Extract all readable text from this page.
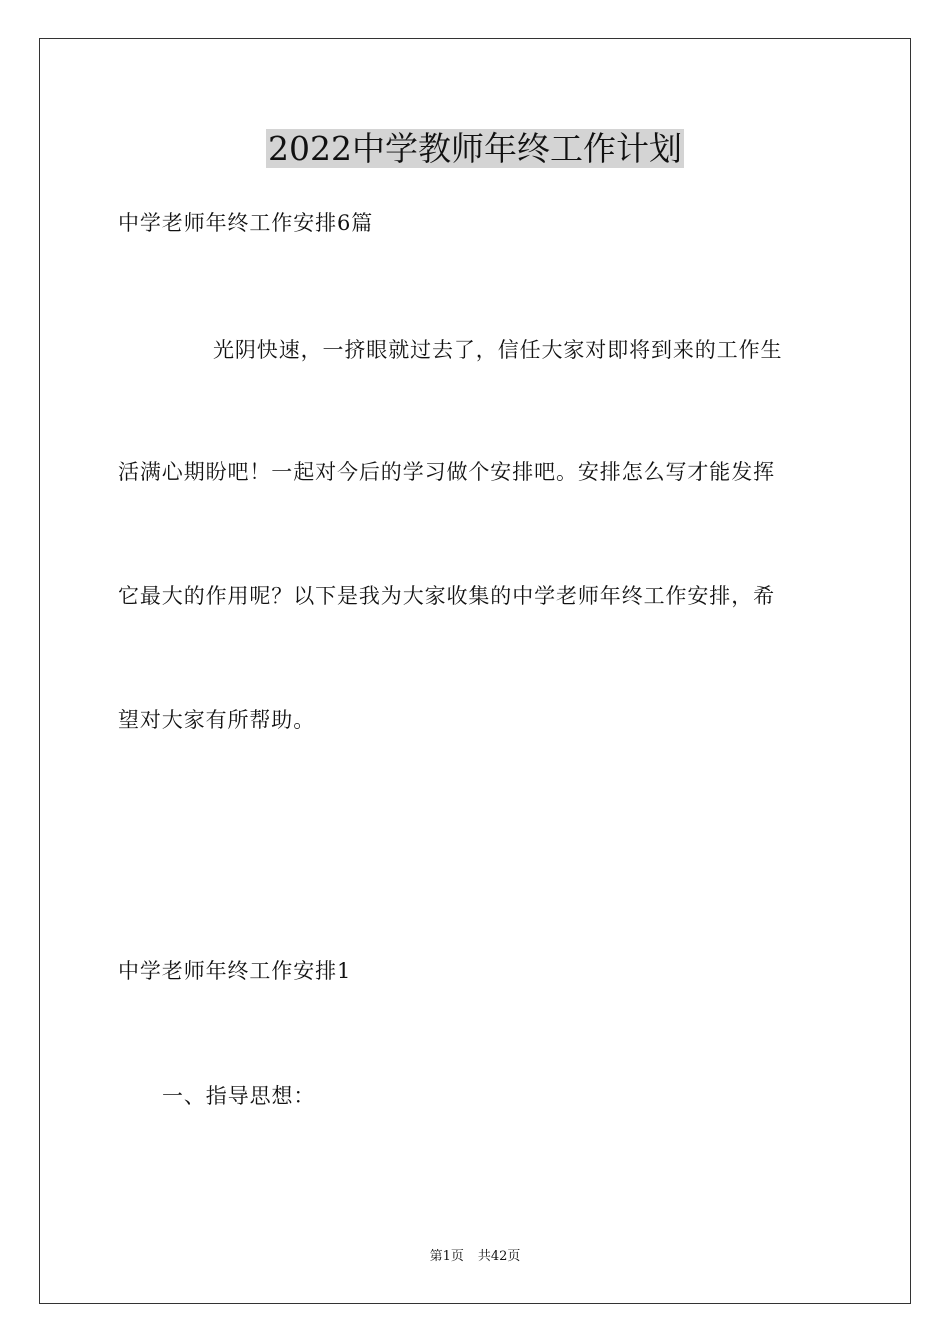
2022中学教师年终工作计划
中学老师年终工作安排6篇
光阴快速，一挤眼就过去了，信任大家对即将到来的工作生
活满心期盼吧！一起对今后的学习做个安排吧。安排怎么写才能发挥
它最大的作用呢？以下是我为大家收集的中学老师年终工作安排，希
望对大家有所帮助。
中学老师年终工作安排1
一、指导思想：
第1页 共42页
